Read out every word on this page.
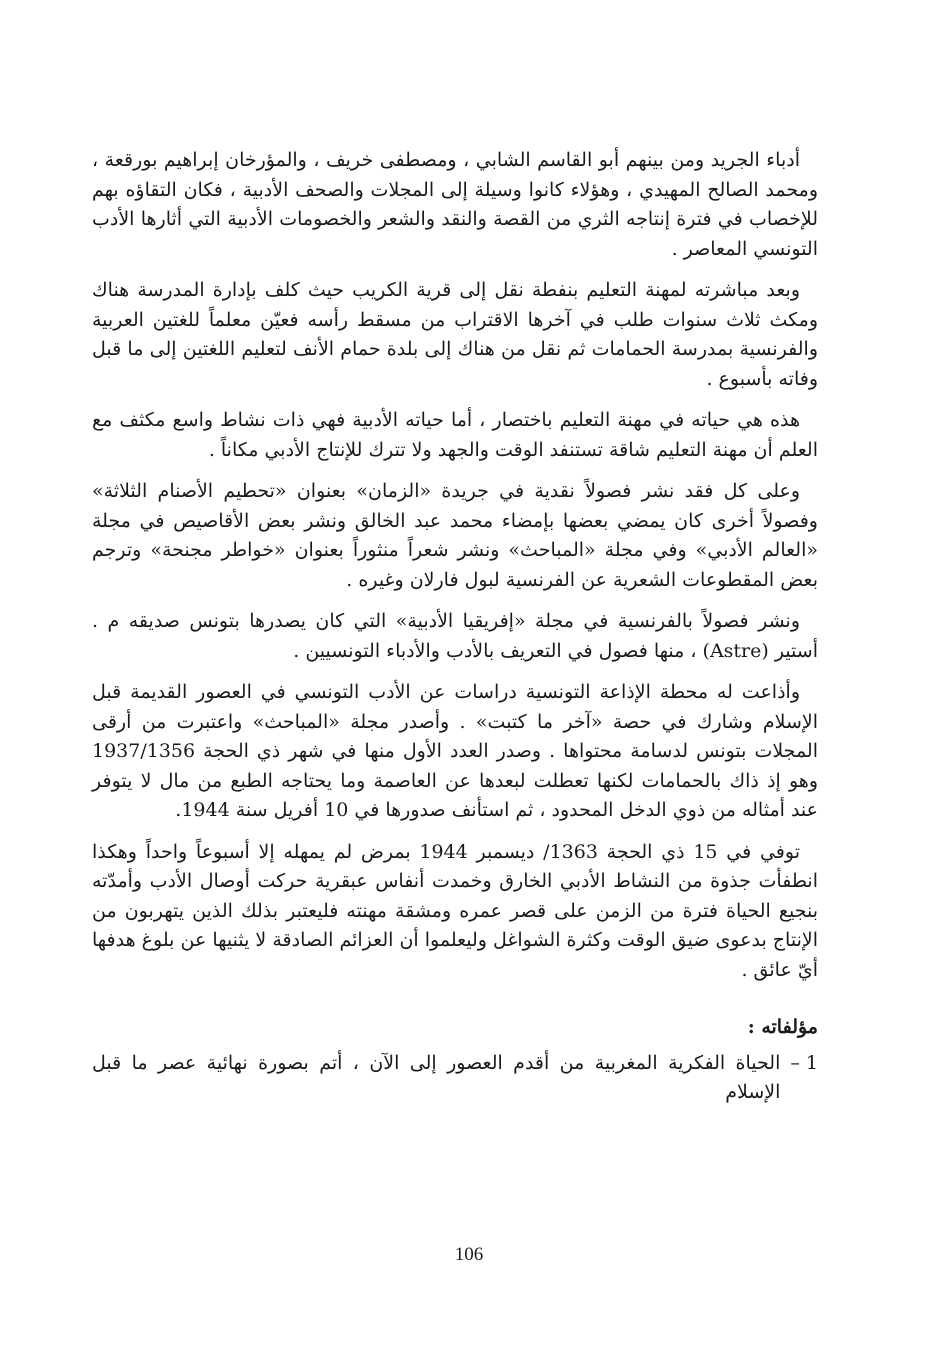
أدباء الجريد ومن بينهم أبو القاسم الشابي ، ومصطفى خريف ، والمؤرخان إبراهيم بورقعة ، ومحمد الصالح المهيدي ، وهؤلاء كانوا وسيلة إلى المجلات والصحف الأدبية ، فكان التقاؤه بهم للإخصاب في فترة إنتاجه الثري من القصة والنقد والشعر والخصومات الأدبية التي أثارها الأدب التونسي المعاصر .

وبعد مباشرته لمهنة التعليم بنفطة نقل إلى قرية الكريب حيث كلف بإدارة المدرسة هناك ومكث ثلاث سنوات طلب في آخرها الاقتراب من مسقط رأسه فعيّن معلماً للغتين العربية والفرنسية بمدرسة الحمامات ثم نقل من هناك إلى بلدة حمام الأنف لتعليم اللغتين إلى ما قبل وفاته بأسبوع .

هذه هي حياته في مهنة التعليم باختصار ، أما حياته الأدبية فهي ذات نشاط واسع مكثف مع العلم أن مهنة التعليم شاقة تستنفد الوقت والجهد ولا تترك للإنتاج الأدبي مكاناً .

وعلى كل فقد نشر فصولاً نقدية في جريدة «الزمان» بعنوان «تحطيم الأصنام الثلاثة» وفصولاً أخرى كان يمضي بعضها بإمضاء محمد عبد الخالق ونشر بعض الأقاصيص في مجلة «العالم الأدبي» وفي مجلة «المباحث» ونشر شعراً منثوراً بعنوان «خواطر مجنحة» وترجم بعض المقطوعات الشعرية عن الفرنسية لبول فارلان وغيره .

ونشر فصولاً بالفرنسية في مجلة «إفريقيا الأدبية» التي كان يصدرها بتونس صديقه م . أستير (Astre) ، منها فصول في التعريف بالأدب والأدباء التونسيين .

وأذاعت له محطة الإذاعة التونسية دراسات عن الأدب التونسي في العصور القديمة قبل الإسلام وشارك في حصة «آخر ما كتبت» . وأصدر مجلة «المباحث» واعتبرت من أرقى المجلات بتونس لدسامة محتواها . وصدر العدد الأول منها في شهر ذي الحجة 1937/1356 وهو إذ ذاك بالحمامات لكنها تعطلت لبعدها عن العاصمة وما يحتاجه الطبع من مال لا يتوفر عند أمثاله من ذوي الدخل المحدود ، ثم استأنف صدورها في 10 أفريل سنة 1944.

توفي في 15 ذي الحجة 1363/ ديسمبر 1944 بمرض لم يمهله إلا أسبوعاً واحداً وهكذا انطفأت جذوة من النشاط الأدبي الخارق وخمدت أنفاس عبقرية حركت أوصال الأدب وأمدّته بنجيع الحياة فترة من الزمن على قصر عمره ومشقة مهنته فليعتبر بذلك الذين يتهربون من الإنتاج بدعوى ضيق الوقت وكثرة الشواغل وليعلموا أن العزائم الصادقة لا يثنيها عن بلوغ هدفها أيّ عائق .

مؤلفاته :
1 –
الحياة الفكرية المغربية من أقدم العصور إلى الآن ، أتم بصورة نهائية عصر ما قبل الإسلام
106
